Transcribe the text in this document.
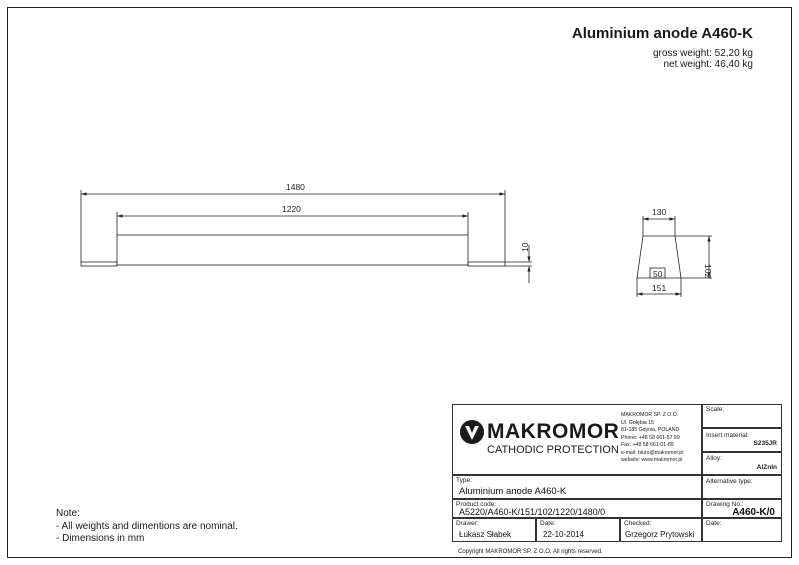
Aluminium anode A460-K
gross weight: 52,20 kg
net weight: 46,40 kg
1480
1220
10
130
50
151
102
MAKROMOR
CATHODIC PROTECTION
MAKROMOR SP. Z O.O.
Ul. Gołębia 15
81-185 Gdynia, POLAND
Phone: +48 58 661-57 99
Fax: +48 58 661-01-89
e-mail: biuro@makromor.pl
website: www.makromor.pl
Scale:
Insert material:
S235JR
Alloy:
AlZnIn
Alternative type:
Type:
Aluminium anode A460-K
Product code:
A5220/A460-K/151/102/1220/1480/0
Drawing No.:
A460-K/0
Drawer:
Łukasz Słabek
Date:
22-10-2014
Checked:
Grzegorz Prytowski
Date:
Copyright MAKROMOR SP. Z O.O. All rights reserved.
Note:
- All weights and dimentions are nominal.
- Dimensions in mm
